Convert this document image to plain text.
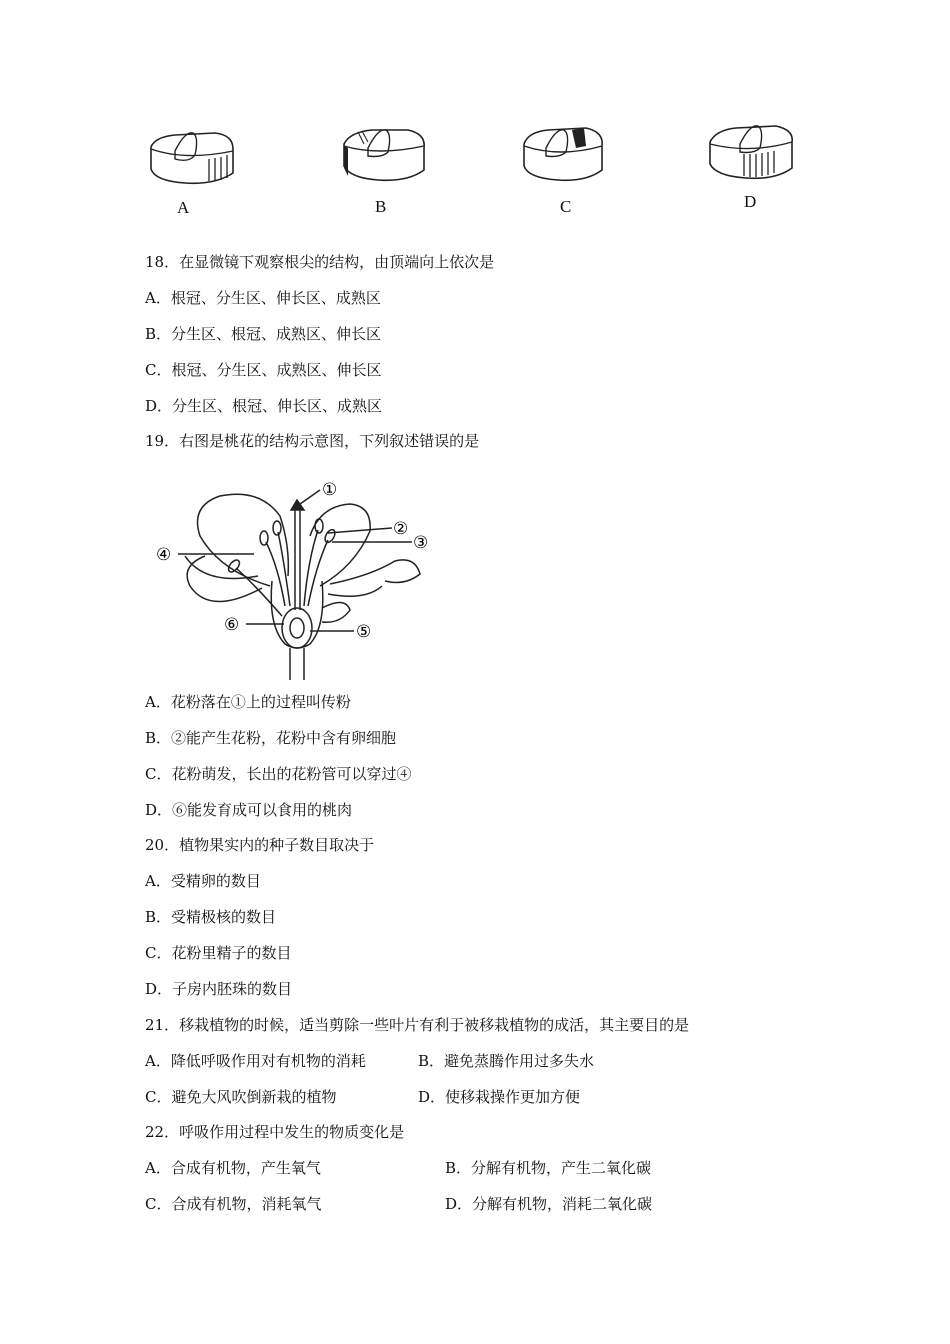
A	B	C	D
18．在显微镜下观察根尖的结构，由顶端向上依次是
A．根冠、分生区、伸长区、成熟区
B．分生区、根冠、成熟区、伸长区
C．根冠、分生区、成熟区、伸长区
D．分生区、根冠、伸长区、成熟区
19．右图是桃花的结构示意图，下列叙述错误的是
①
②
③
④
⑤
⑥
A．花粉落在①上的过程叫传粉
B．②能产生花粉，花粉中含有卵细胞
C．花粉萌发，长出的花粉管可以穿过④
D．⑥能发育成可以食用的桃肉
20．植物果实内的种子数目取决于
A．受精卵的数目
B．受精极核的数目
C．花粉里精子的数目
D．子房内胚珠的数目
21．移栽植物的时候，适当剪除一些叶片有利于被移栽植物的成活，其主要目的是
A．降低呼吸作用对有机物的消耗	B．避免蒸腾作用过多失水
C．避免大风吹倒新栽的植物	D．使移栽操作更加方便
22．呼吸作用过程中发生的物质变化是
A．合成有机物，产生氧气	B．分解有机物，产生二氧化碳
C．合成有机物，消耗氧气	D．分解有机物，消耗二氧化碳
